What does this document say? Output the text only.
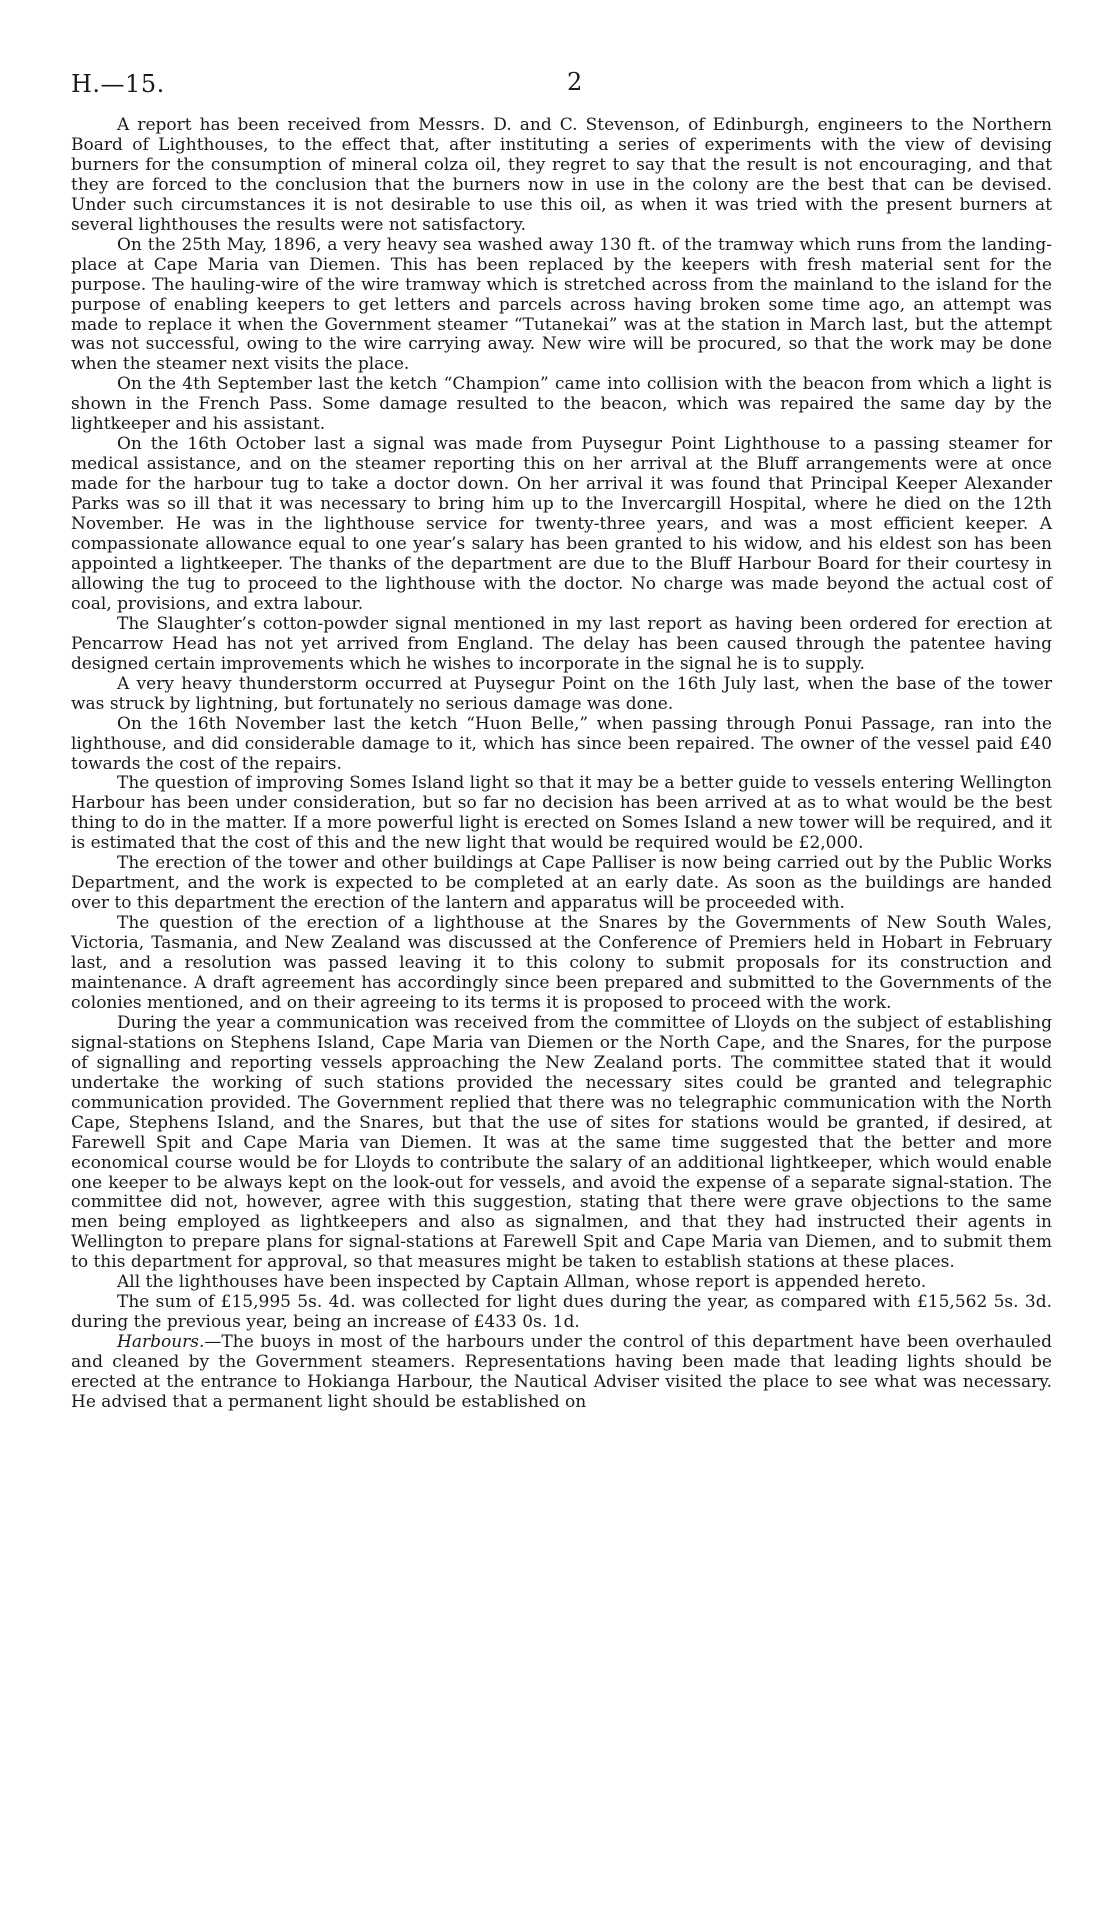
H.—15.	2

A report has been received from Messrs. D. and C. Stevenson, of Edinburgh, engineers to the Northern Board of Lighthouses, to the effect that, after instituting a series of experiments with the view of devising burners for the consumption of mineral colza oil, they regret to say that the result is not encouraging, and that they are forced to the conclusion that the burners now in use in the colony are the best that can be devised. Under such circumstances it is not desirable to use this oil, as when it was tried with the present burners at several lighthouses the results were not satisfactory.

On the 25th May, 1896, a very heavy sea washed away 130 ft. of the tramway which runs from the landing-place at Cape Maria van Diemen. This has been replaced by the keepers with fresh material sent for the purpose. The hauling-wire of the wire tramway which is stretched across from the mainland to the island for the purpose of enabling keepers to get letters and parcels across having broken some time ago, an attempt was made to replace it when the Government steamer “Tutanekai” was at the station in March last, but the attempt was not successful, owing to the wire carrying away. New wire will be procured, so that the work may be done when the steamer next visits the place.

On the 4th September last the ketch “Champion” came into collision with the beacon from which a light is shown in the French Pass. Some damage resulted to the beacon, which was repaired the same day by the lightkeeper and his assistant.

On the 16th October last a signal was made from Puysegur Point Lighthouse to a passing steamer for medical assistance, and on the steamer reporting this on her arrival at the Bluff arrangements were at once made for the harbour tug to take a doctor down. On her arrival it was found that Principal Keeper Alexander Parks was so ill that it was necessary to bring him up to the Invercargill Hospital, where he died on the 12th November. He was in the lighthouse service for twenty-three years, and was a most efficient keeper. A compassionate allowance equal to one year’s salary has been granted to his widow, and his eldest son has been appointed a lightkeeper. The thanks of the department are due to the Bluff Harbour Board for their courtesy in allowing the tug to proceed to the lighthouse with the doctor. No charge was made beyond the actual cost of coal, provisions, and extra labour.

The Slaughter’s cotton-powder signal mentioned in my last report as having been ordered for erection at Pencarrow Head has not yet arrived from England. The delay has been caused through the patentee having designed certain improvements which he wishes to incorporate in the signal he is to supply.

A very heavy thunderstorm occurred at Puysegur Point on the 16th July last, when the base of the tower was struck by lightning, but fortunately no serious damage was done.

On the 16th November last the ketch “Huon Belle,” when passing through Ponui Passage, ran into the lighthouse, and did considerable damage to it, which has since been repaired. The owner of the vessel paid £40 towards the cost of the repairs.

The question of improving Somes Island light so that it may be a better guide to vessels entering Wellington Harbour has been under consideration, but so far no decision has been arrived at as to what would be the best thing to do in the matter. If a more powerful light is erected on Somes Island a new tower will be required, and it is estimated that the cost of this and the new light that would be required would be £2,000.

The erection of the tower and other buildings at Cape Palliser is now being carried out by the Public Works Department, and the work is expected to be completed at an early date. As soon as the buildings are handed over to this department the erection of the lantern and apparatus will be proceeded with.

The question of the erection of a lighthouse at the Snares by the Governments of New South Wales, Victoria, Tasmania, and New Zealand was discussed at the Conference of Premiers held in Hobart in February last, and a resolution was passed leaving it to this colony to submit proposals for its construction and maintenance. A draft agreement has accordingly since been prepared and submitted to the Governments of the colonies mentioned, and on their agreeing to its terms it is proposed to proceed with the work.

During the year a communication was received from the committee of Lloyds on the subject of establishing signal-stations on Stephens Island, Cape Maria van Diemen or the North Cape, and the Snares, for the purpose of signalling and reporting vessels approaching the New Zealand ports. The committee stated that it would undertake the working of such stations provided the necessary sites could be granted and telegraphic communication provided. The Government replied that there was no telegraphic communication with the North Cape, Stephens Island, and the Snares, but that the use of sites for stations would be granted, if desired, at Farewell Spit and Cape Maria van Diemen. It was at the same time suggested that the better and more economical course would be for Lloyds to contribute the salary of an additional lightkeeper, which would enable one keeper to be always kept on the look-out for vessels, and avoid the expense of a separate signal-station. The committee did not, however, agree with this suggestion, stating that there were grave objections to the same men being employed as lightkeepers and also as signalmen, and that they had instructed their agents in Wellington to prepare plans for signal-stations at Farewell Spit and Cape Maria van Diemen, and to submit them to this department for approval, so that measures might be taken to establish stations at these places.

All the lighthouses have been inspected by Captain Allman, whose report is appended hereto.

The sum of £15,995 5s. 4d. was collected for light dues during the year, as compared with £15,562 5s. 3d. during the previous year, being an increase of £433 0s. 1d.

Harbours.—The buoys in most of the harbours under the control of this department have been overhauled and cleaned by the Government steamers. Representations having been made that leading lights should be erected at the entrance to Hokianga Harbour, the Nautical Adviser visited the place to see what was necessary. He advised that a permanent light should be established on
